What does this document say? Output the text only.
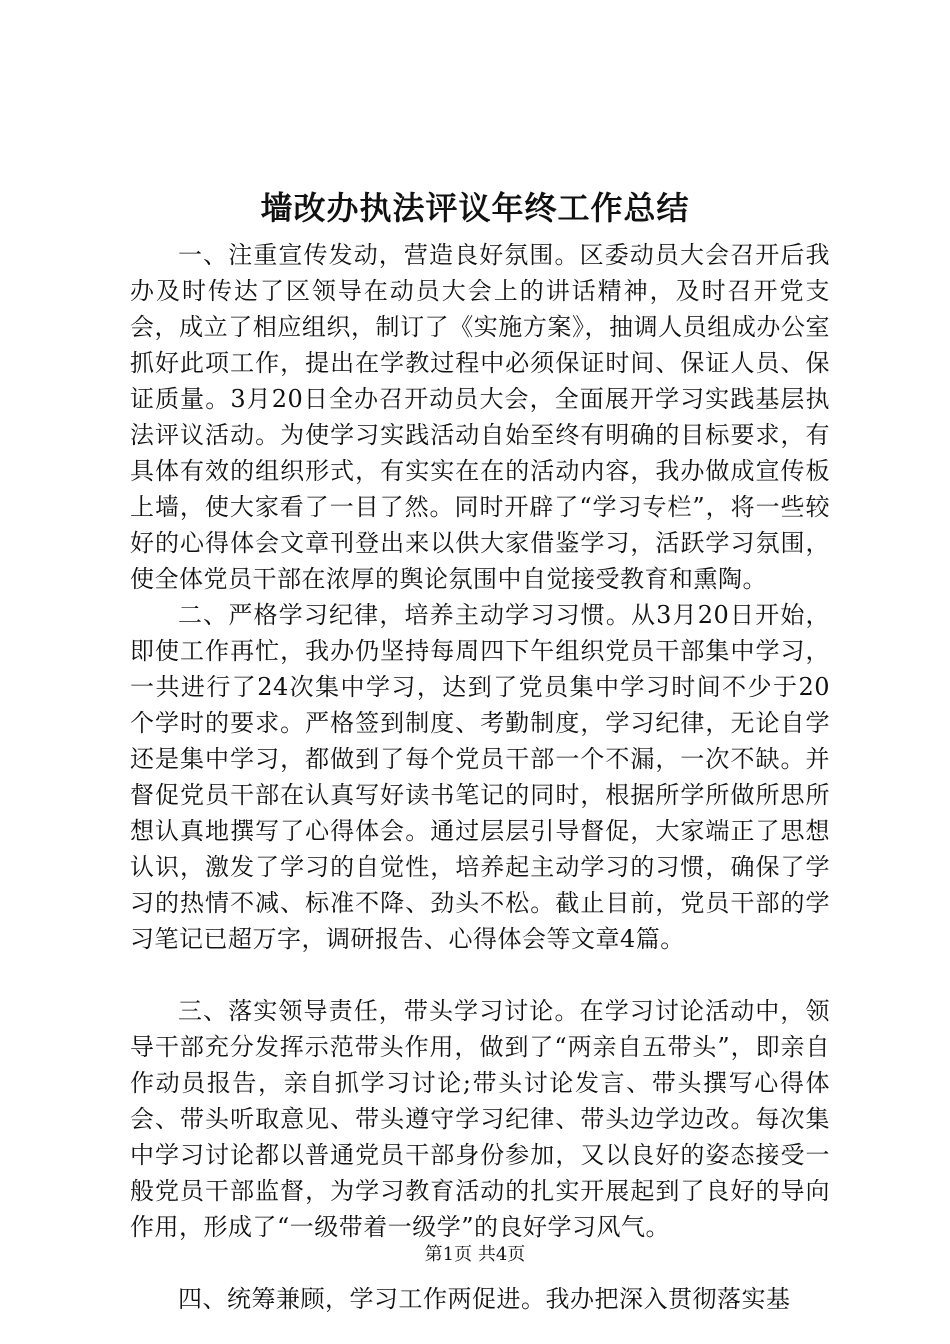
墙改办执法评议年终工作总结

一、注重宣传发动，营造良好氛围。区委动员大会召开后我办及时传达了区领导在动员大会上的讲话精神，及时召开党支会，成立了相应组织，制订了《实施方案》，抽调人员组成办公室抓好此项工作，提出在学教过程中必须保证时间、保证人员、保证质量。3月20日全办召开动员大会，全面展开学习实践基层执法评议活动。为使学习实践活动自始至终有明确的目标要求，有具体有效的组织形式，有实实在在的活动内容，我办做成宣传板上墙，使大家看了一目了然。同时开辟了“学习专栏”，将一些较好的心得体会文章刊登出来以供大家借鉴学习，活跃学习氛围，使全体党员干部在浓厚的舆论氛围中自觉接受教育和熏陶。

二、严格学习纪律，培养主动学习习惯。从3月20日开始，即使工作再忙，我办仍坚持每周四下午组织党员干部集中学习，一共进行了24次集中学习，达到了党员集中学习时间不少于20个学时的要求。严格签到制度、考勤制度，学习纪律，无论自学还是集中学习，都做到了每个党员干部一个不漏，一次不缺。并督促党员干部在认真写好读书笔记的同时，根据所学所做所思所想认真地撰写了心得体会。通过层层引导督促，大家端正了思想认识，激发了学习的自觉性，培养起主动学习的习惯，确保了学习的热情不减、标准不降、劲头不松。截止目前，党员干部的学习笔记已超万字，调研报告、心得体会等文章4篇。

三、落实领导责任，带头学习讨论。在学习讨论活动中，领导干部充分发挥示范带头作用，做到了“两亲自五带头”，即亲自作动员报告，亲自抓学习讨论;带头讨论发言、带头撰写心得体会、带头听取意见、带头遵守学习纪律、带头边学边改。每次集中学习讨论都以普通党员干部身份参加，又以良好的姿态接受一般党员干部监督，为学习教育活动的扎实开展起到了良好的导向作用，形成了“一级带着一级学”的良好学习风气。

四、统筹兼顾，学习工作两促进。我办把深入贯彻落实基

第1页 共4页
